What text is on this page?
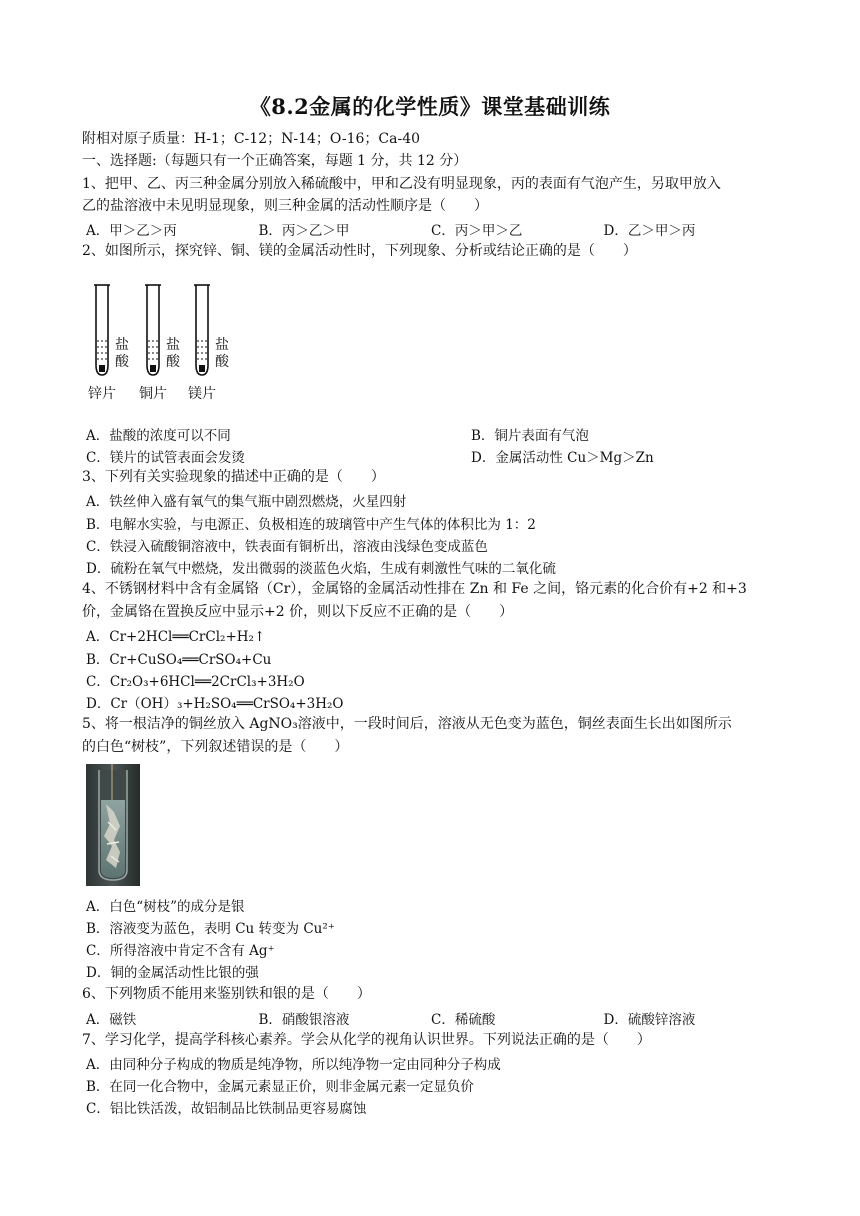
《8.2金属的化学性质》课堂基础训练
附相对原子质量：H-1；C-12；N-14；O-16；Ca-40
一、选择题:（每题只有一个正确答案，每题 1 分，共 12 分）
1、把甲、乙、丙三种金属分别放入稀硫酸中，甲和乙没有明显现象，丙的表面有气泡产生，另取甲放入
乙的盐溶液中未见明显现象，则三种金属的活动性顺序是（　　）
A．甲＞乙＞丙	B．丙＞乙＞甲	C．丙＞甲＞乙	D．乙＞甲＞丙
2、如图所示，探究锌、铜、镁的金属活动性时，下列现象、分析或结论正确的是（　　）
盐酸
盐酸
盐酸
锌片 铜片 镁片
A．盐酸的浓度可以不同	B．铜片表面有气泡
C．镁片的试管表面会发烫	D．金属活动性 Cu＞Mg＞Zn
3、下列有关实验现象的描述中正确的是（　　）
A．铁丝伸入盛有氧气的集气瓶中剧烈燃烧，火星四射
B．电解水实验，与电源正、负极相连的玻璃管中产生气体的体积比为 1：2
C．铁浸入硫酸铜溶液中，铁表面有铜析出，溶液由浅绿色变成蓝色
D．硫粉在氧气中燃烧，发出微弱的淡蓝色火焰，生成有刺激性气味的二氧化硫
4、不锈钢材料中含有金属铬（Cr），金属铬的金属活动性排在 Zn 和 Fe 之间，铬元素的化合价有+2 和+3
价，金属铬在置换反应中显示+2 价，则以下反应不正确的是（　　）
A．Cr+2HCl══CrCl₂+H₂↑
B．Cr+CuSO₄══CrSO₄+Cu
C．Cr₂O₃+6HCl══2CrCl₃+3H₂O
D．Cr（OH）₃+H₂SO₄══CrSO₄+3H₂O
5、将一根洁净的铜丝放入 AgNO₃溶液中，一段时间后，溶液从无色变为蓝色，铜丝表面生长出如图所示
的白色“树枝”，下列叙述错误的是（　　）
A．白色“树枝”的成分是银
B．溶液变为蓝色，表明 Cu 转变为 Cu²⁺
C．所得溶液中肯定不含有 Ag⁺
D．铜的金属活动性比银的强
6、下列物质不能用来鉴别铁和银的是（　　）
A．磁铁	B．硝酸银溶液	C．稀硫酸	D．硫酸锌溶液
7、学习化学，提高学科核心素养。学会从化学的视角认识世界。下列说法正确的是（　　）
A．由同种分子构成的物质是纯净物，所以纯净物一定由同种分子构成
B．在同一化合物中，金属元素显正价，则非金属元素一定显负价
C．铝比铁活泼，故铝制品比铁制品更容易腐蚀
